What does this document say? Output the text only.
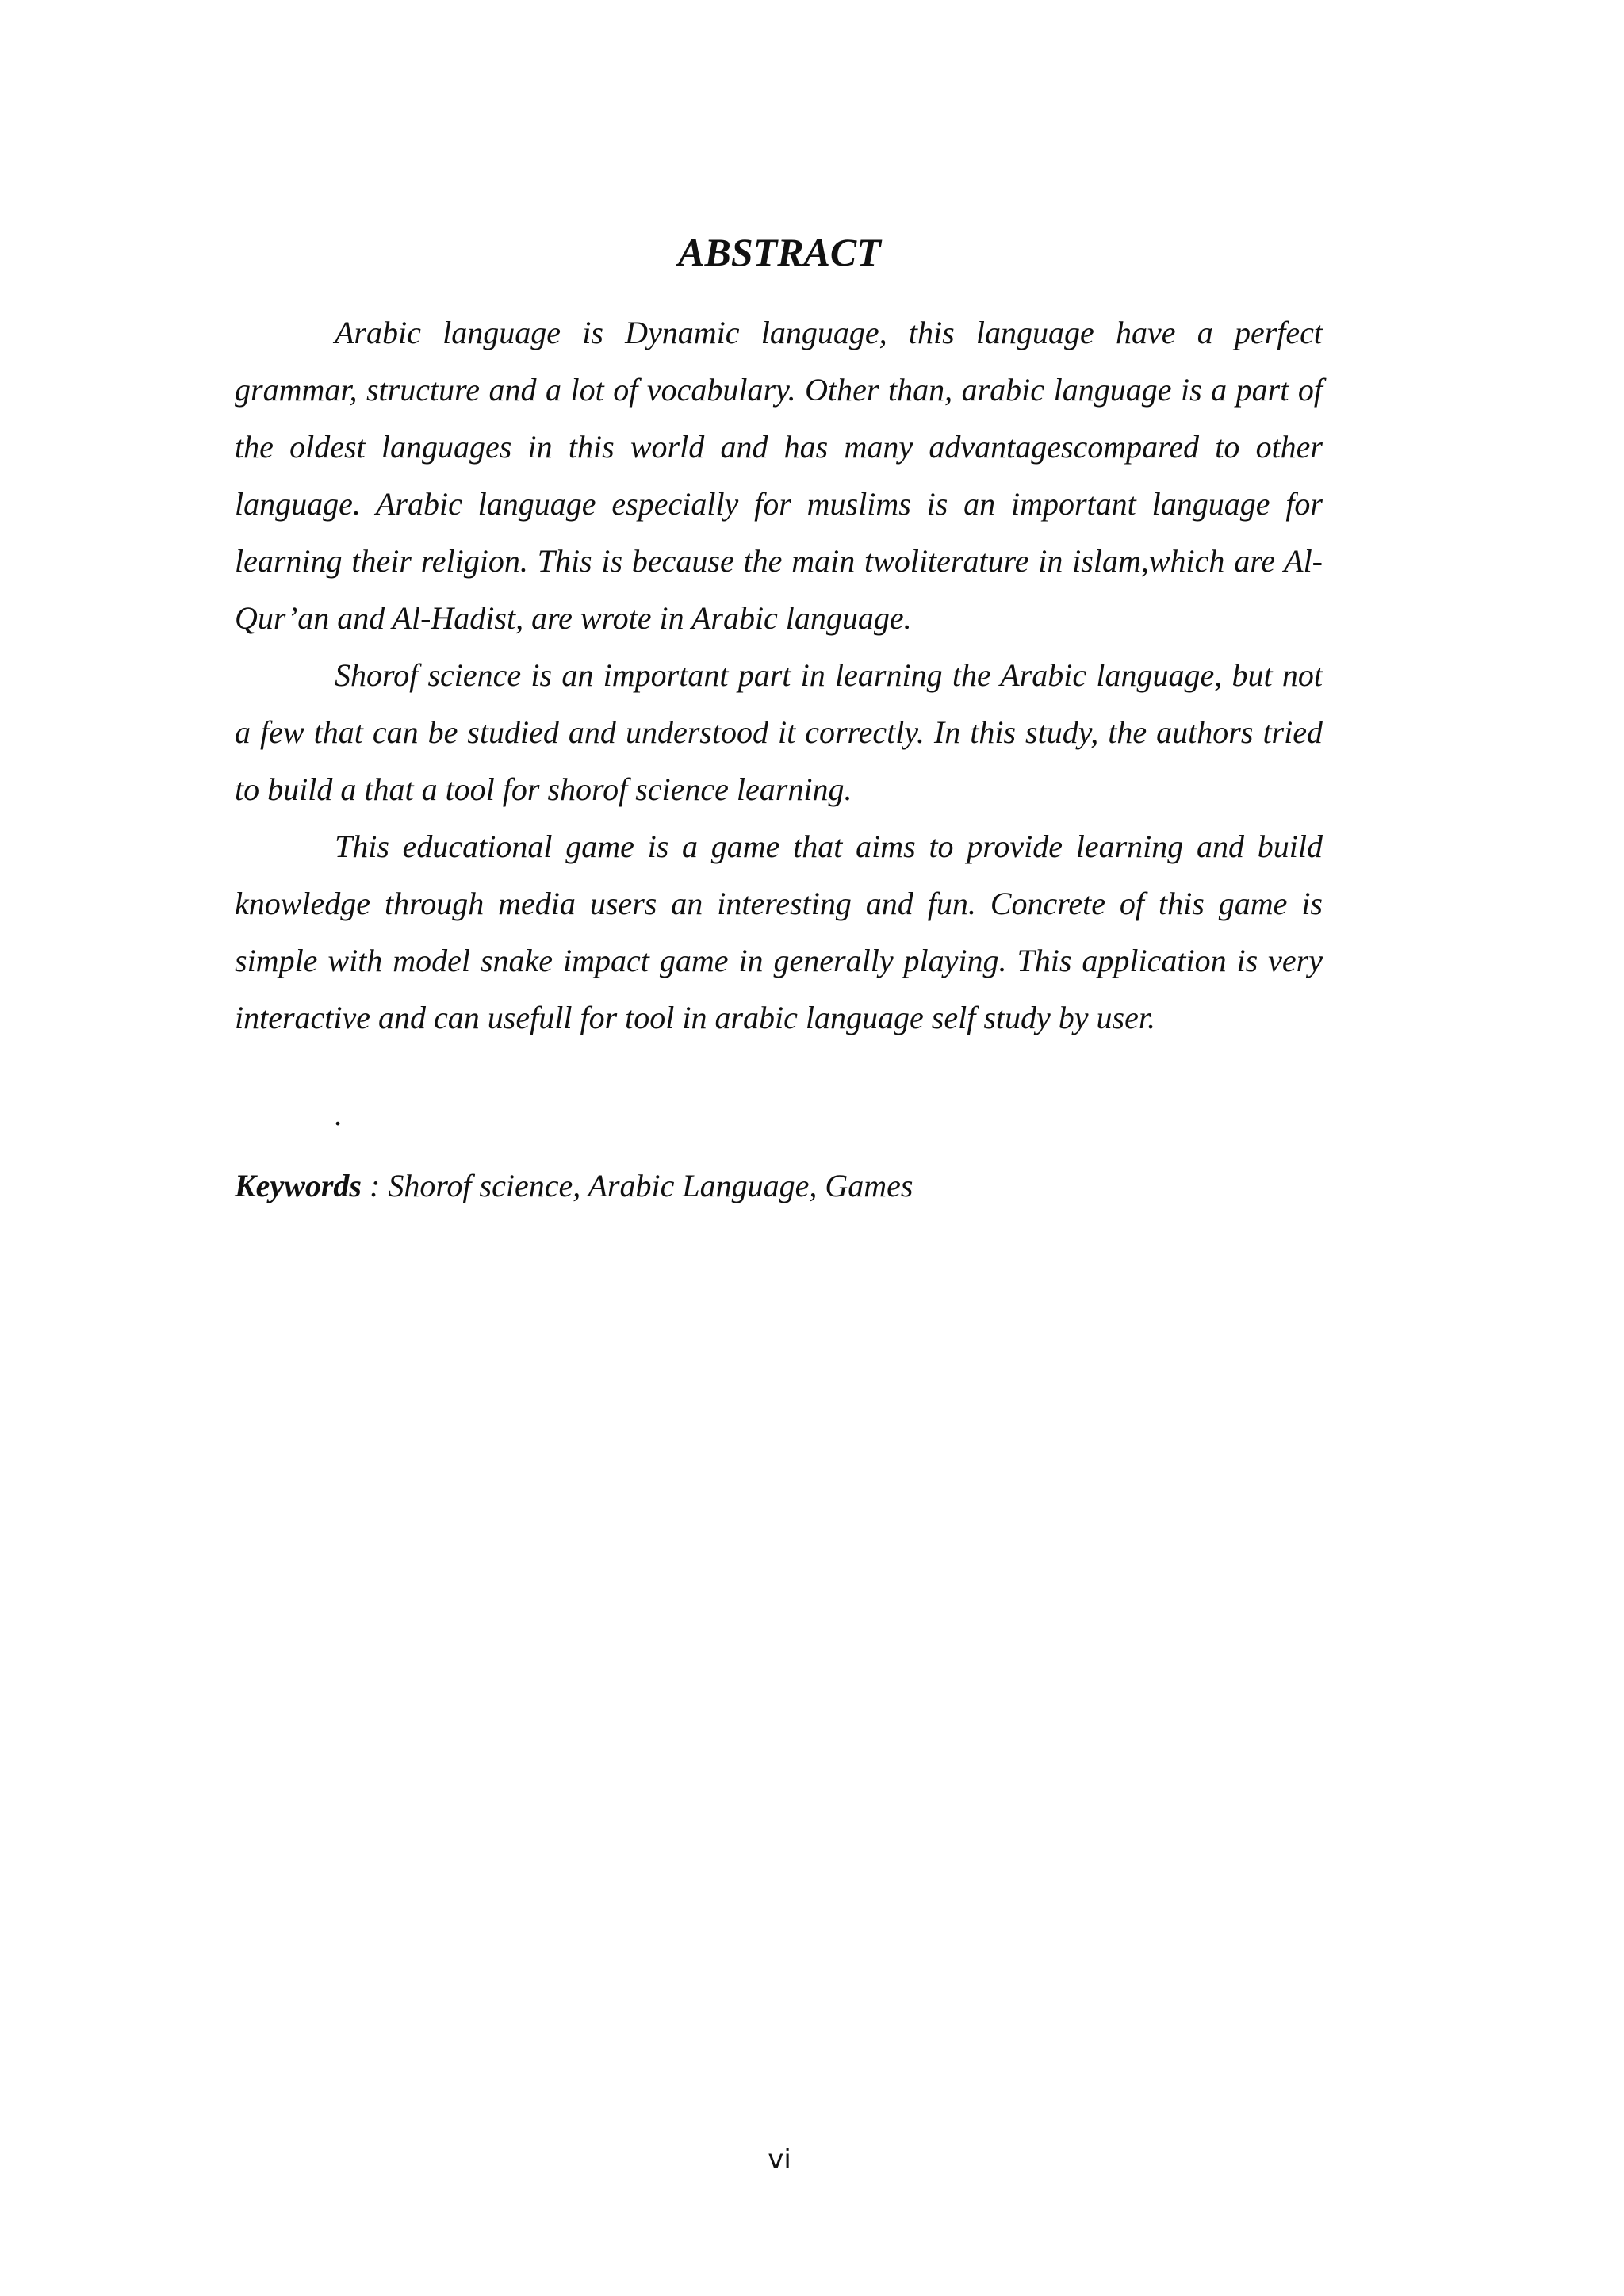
ABSTRACT

Arabic language is Dynamic language, this language have a perfect grammar, structure and a lot of vocabulary. Other than, arabic language is a part of the oldest languages in this world and has many advantagescompared to other language. Arabic language especially for muslims is an important language for learning their religion. This is because the main twoliterature in islam,which are Al-Qur’an and Al-Hadist, are wrote in Arabic language.

Shorof science is an important part in learning the Arabic language, but not a few that can be studied and understood it correctly. In this study, the authors tried to build a that a tool for shorof science learning.

This educational game is a game that aims to provide learning and build knowledge through media users an interesting and fun. Concrete of this game is simple with model snake impact game in generally playing. This application is very interactive and can usefull for tool in arabic language self study by user.

.

Keywords : Shorof science, Arabic Language, Games

vi
